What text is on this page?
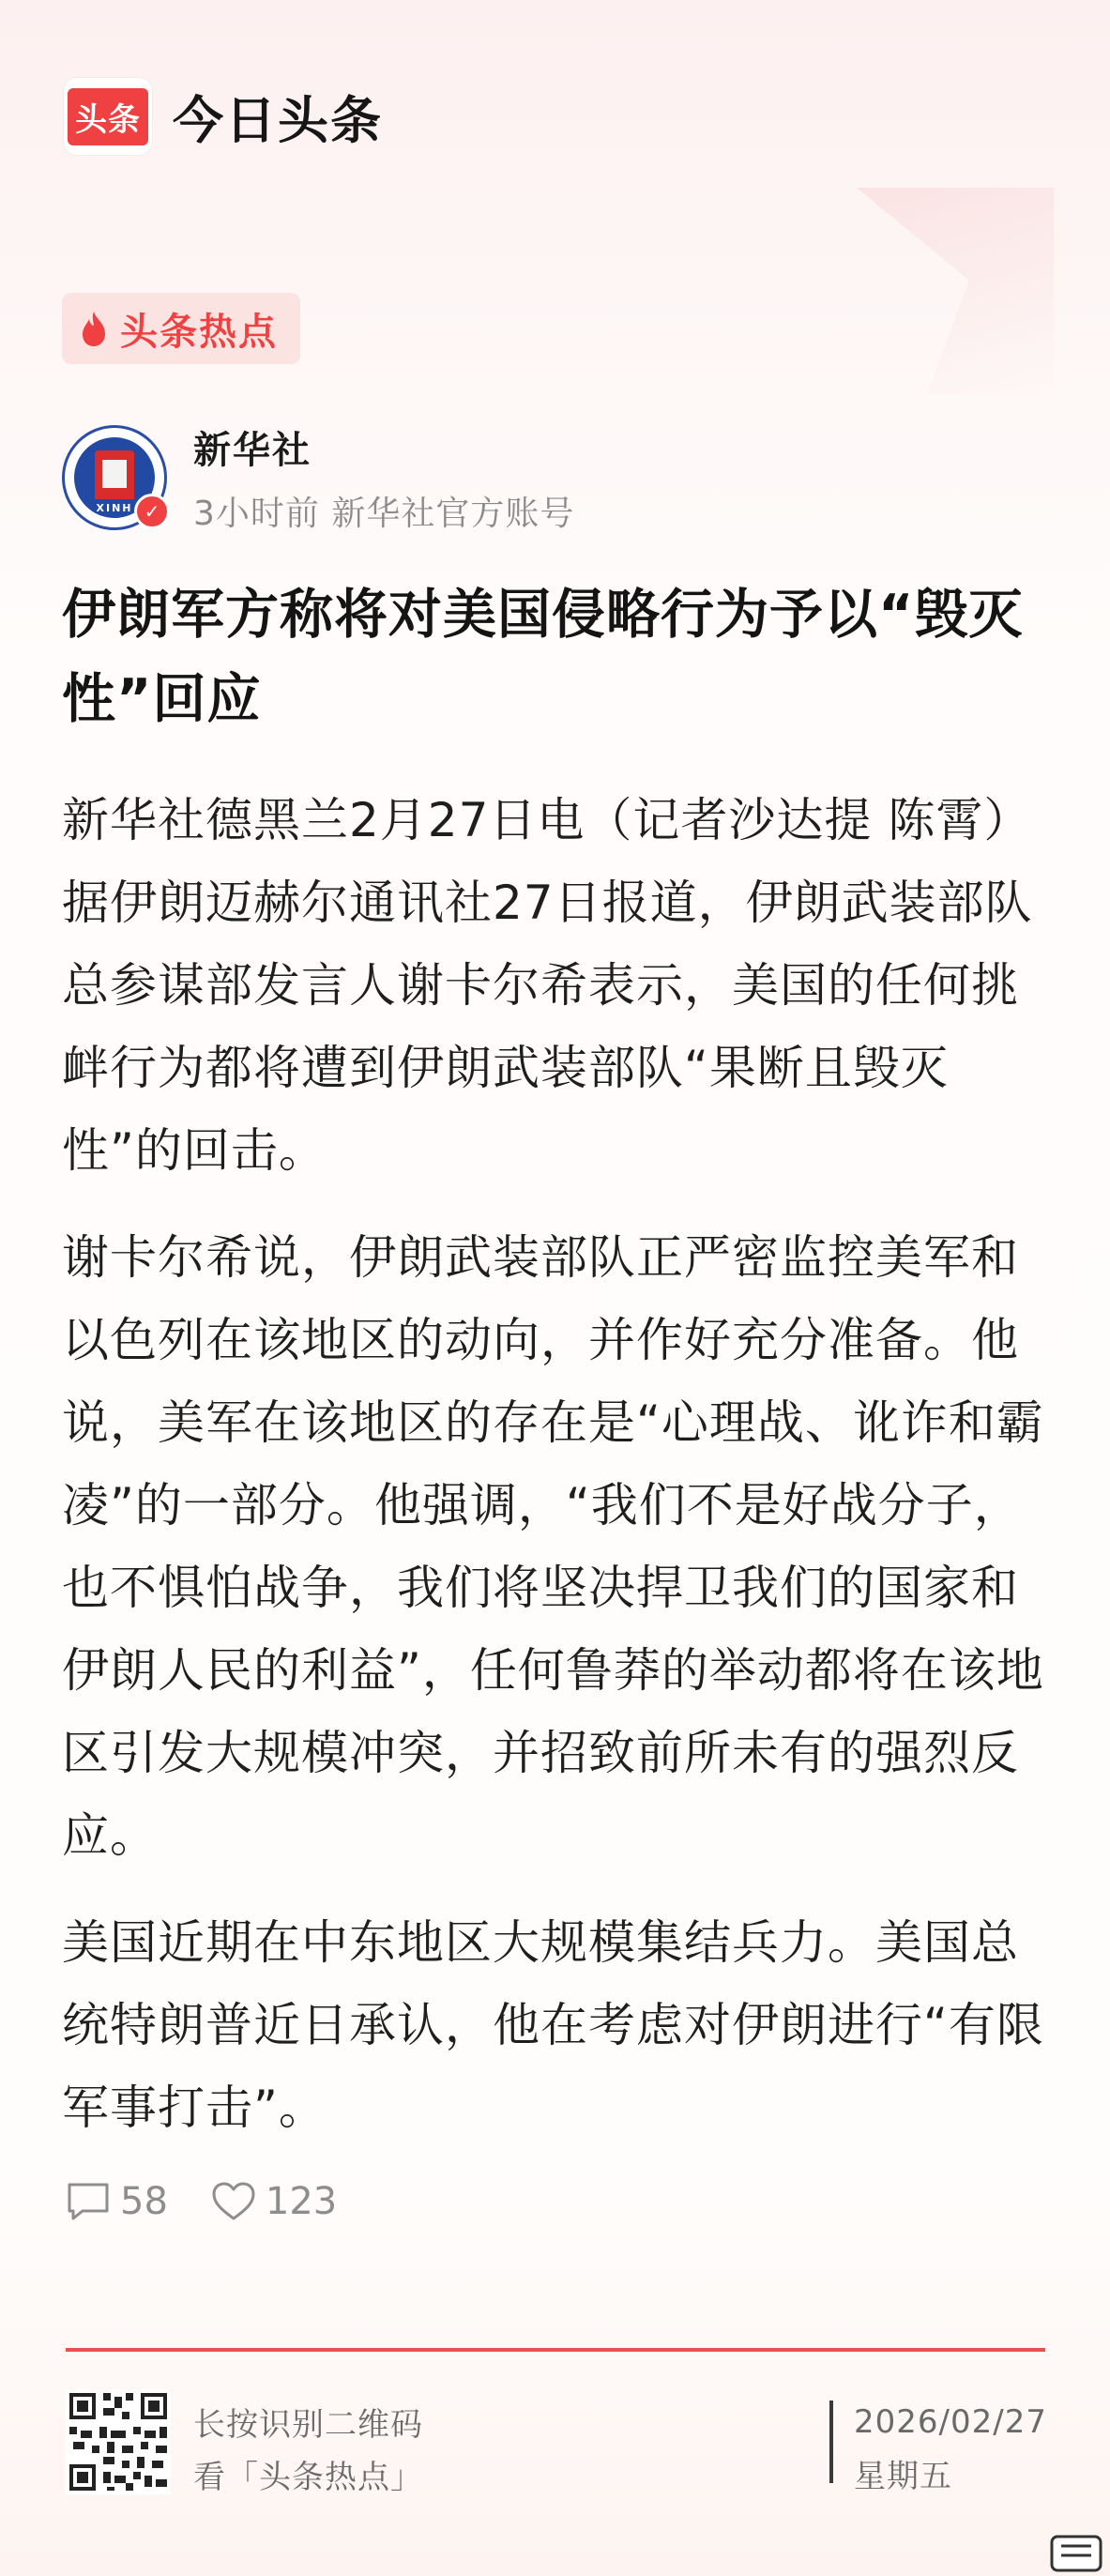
头条 今日头条
头条热点
XINH ✓
新华社
3小时前 新华社官方账号
伊朗军方称将对美国侵略行为予以“毁灭性”回应

新华社德黑兰2月27日电（记者沙达提 陈霄）据伊朗迈赫尔通讯社27日报道，伊朗武装部队总参谋部发言人谢卡尔希表示，美国的任何挑衅行为都将遭到伊朗武装部队“果断且毁灭性”的回击。

谢卡尔希说，伊朗武装部队正严密监控美军和以色列在该地区的动向，并作好充分准备。他说，美军在该地区的存在是“心理战、讹诈和霸凌”的一部分。他强调，“我们不是好战分子，也不惧怕战争，我们将坚决捍卫我们的国家和伊朗人民的利益”，任何鲁莽的举动都将在该地区引发大规模冲突，并招致前所未有的强烈反应。

美国近期在中东地区大规模集结兵力。美国总统特朗普近日承认，他在考虑对伊朗进行“有限军事打击”。

58	123
长按识别二维码
看「头条热点」
2026/02/27
星期五
